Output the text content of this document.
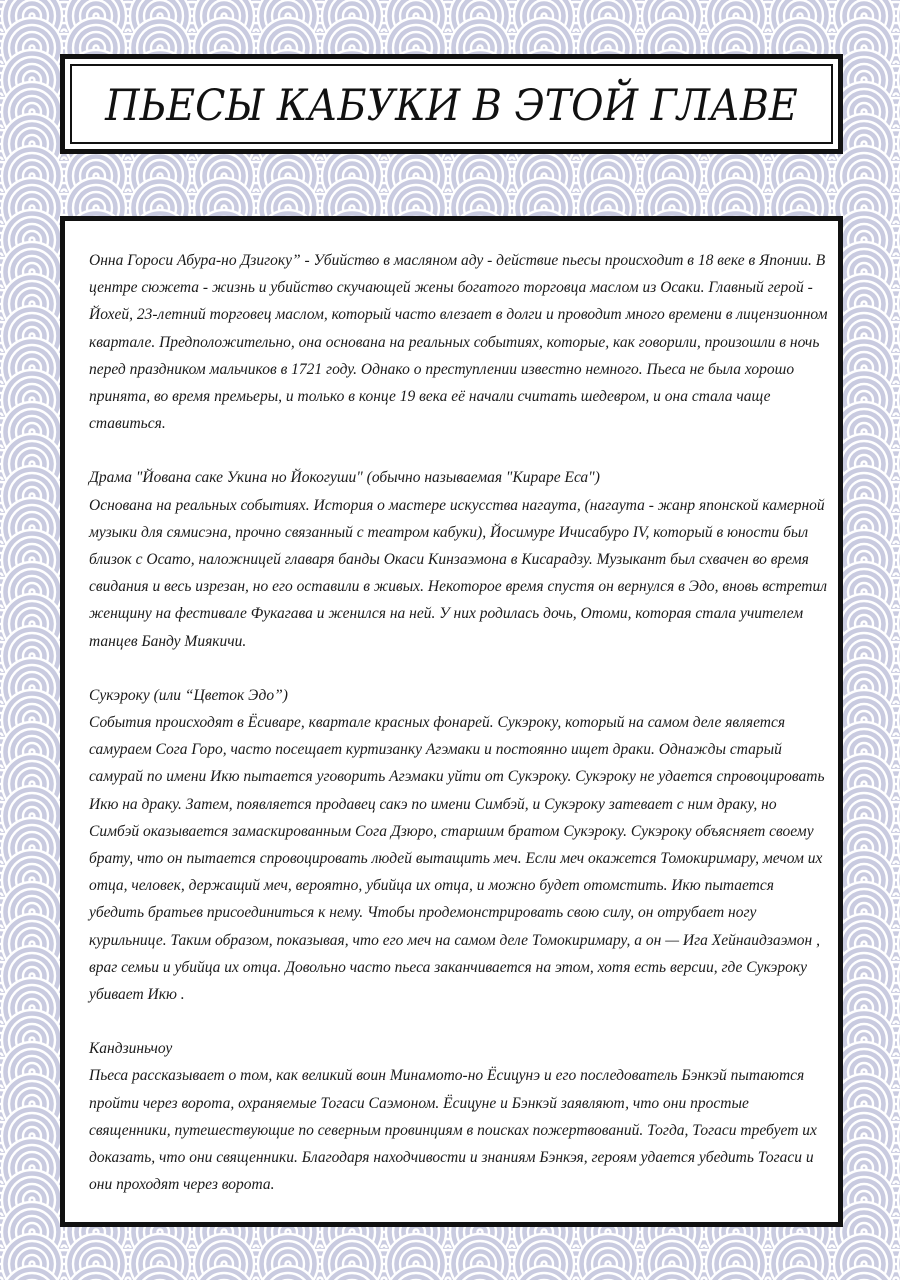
ПЬЕСЫ КАБУКИ В ЭТОЙ ГЛАВЕ

Онна Гороси Абура-но Дзигоку” - Убийство в масляном аду - действие пьесы происходит в 18 веке в Японии. В центре сюжета - жизнь и убийство скучающей жены богатого торговца маслом из Осаки. Главный герой - Йохей, 23-летний торговец маслом, который часто влезает в долги и проводит много времени в лицензионном квартале. Предположительно, она основана на реальных событиях, которые, как говорили, произошли в ночь перед праздником мальчиков в 1721 году. Однако о преступлении известно немного. Пьеса не была хорошо принята, во время премьеры, и только в конце 19 века её начали считать шедевром, и она стала чаще ставиться.

Драма "Йована саке Укина но Йокогуши" (обычно называемая "Кираре Еса")

Основана на реальных событиях. История о мастере искусства нагаута, (нагаута - жанр японской камерной музыки для сямисэна, прочно связанный с театром кабуки), Йосимуре Ичисабуро IV, который в юности был близок с Осато, наложницей главаря банды Окаси Кинзаэмона в Кисарадзу. Музыкант был схвачен во время свидания и весь изрезан, но его оставили в живых. Некоторое время спустя он вернулся в Эдо, вновь встретил женщину на фестивале Фукагава и женился на ней. У них родилась дочь, Отоми, которая стала учителем танцев Банду Миякичи.

Сукэроку (или “Цветок Эдо”)

События происходят в Ёсиваре, квартале красных фонарей. Сукэроку, который на самом деле является самураем Сога Горо, часто посещает куртизанку Агэмаки и постоянно ищет драки. Однажды старый самурай по имени Икю пытается уговорить Агэмаки уйти от Сукэроку. Сукэроку не удается спровоцировать Икю на драку. Затем, появляется продавец сакэ по имени Симбэй, и Сукэроку затевает с ним драку, но Симбэй оказывается замаскированным Сога Дзюро, старшим братом Сукэроку. Сукэроку объясняет своему брату, что он пытается спровоцировать людей вытащить меч. Если меч окажется Томокиримару, мечом их отца, человек, держащий меч, вероятно, убийца их отца, и можно будет отомстить. Икю пытается убедить братьев присоединиться к нему. Чтобы продемонстрировать свою силу, он отрубает ногу курильнице. Таким образом, показывая, что его меч на самом деле Томокиримару, а он — Ига Хейнаидзаэмон , враг семьи и убийца их отца. Довольно часто пьеса заканчивается на этом, хотя есть версии, где Сукэроку убивает Икю .

Кандзиньчоу

Пьеса рассказывает о том, как великий воин Минамото-но Ёсицунэ и его последователь Бэнкэй пытаются пройти через ворота, охраняемые Тогаси Саэмоном. Ёсицуне и Бэнкэй заявляют, что они простые священники, путешествующие по северным провинциям в поисках пожертвований. Тогда, Тогаси требует их доказать, что они священники. Благодаря находчивости и знаниям Бэнкэя, героям удается убедить Тогаси и они проходят через ворота.
